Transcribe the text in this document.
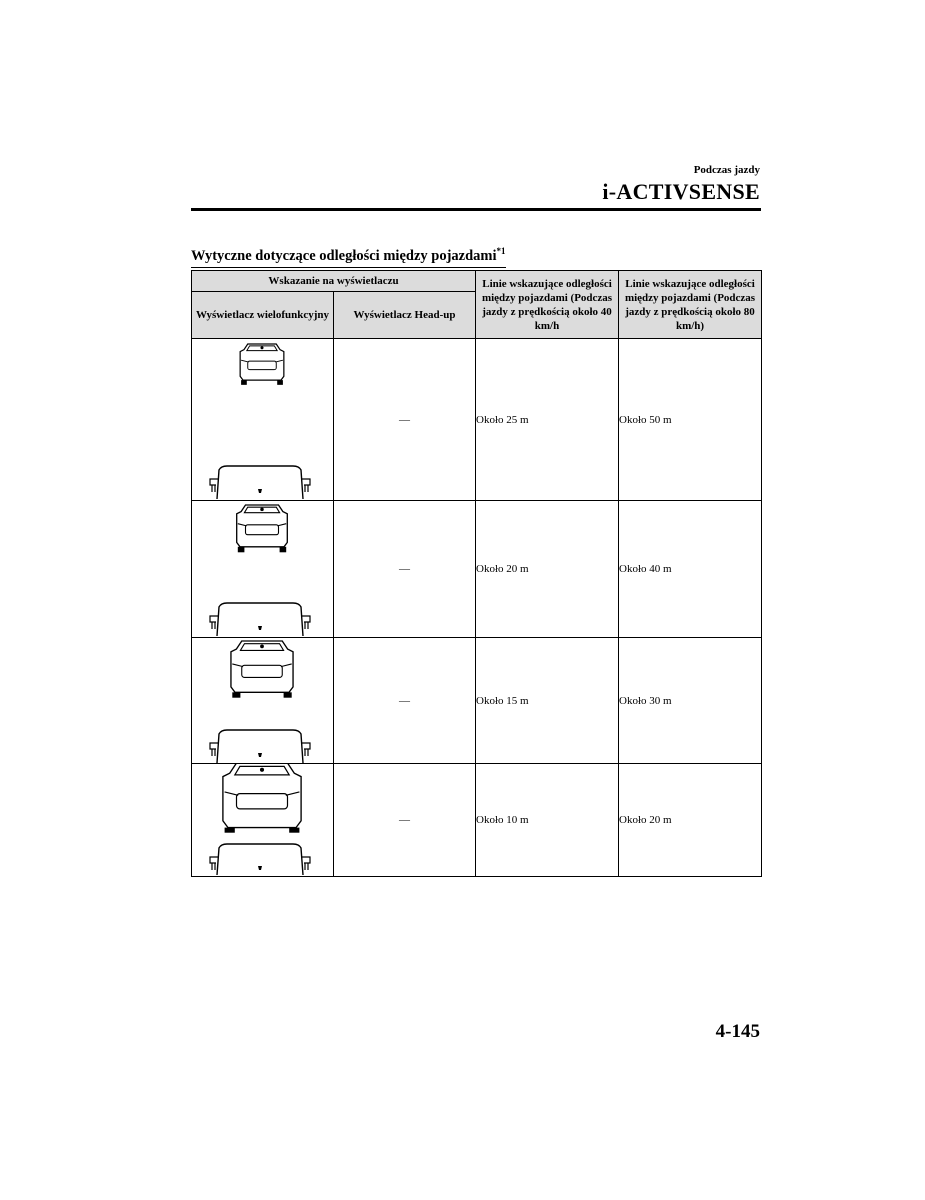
Podczas jazdy
i-ACTIVSENSE
Wytyczne dotyczące odległości między pojazdami$^{*1}$
Wskazanie na wyświetlaczu		Linie wskazujące odległości między pojazdami (Podczas jazdy z prędkością około 40 km/h	Linie wskazujące odległości między pojazdami (Podczas jazdy z prędkością około 80 km/h)
Wyświetlacz wielofunkcyjny	Wyświetlacz Head-up		

	—	Około 25 m	Około 50 m

	—	Około 20 m	Około 40 m

	—	Około 15 m	Około 30 m

	—	Około 10 m	Około 20 m
4-145
